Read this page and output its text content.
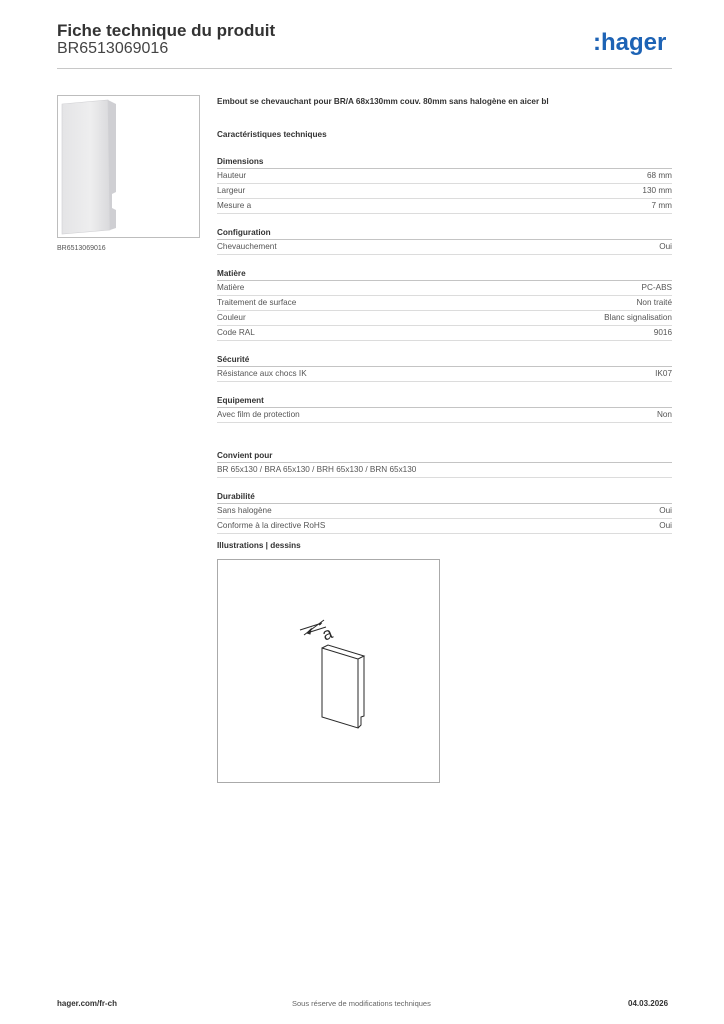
Fiche technique du produit
BR6513069016	:hager
BR6513069016
Embout se chevauchant pour BR/A 68x130mm couv. 80mm sans halogène en aicer bl
Caractéristiques techniques
Dimensions
Hauteur	68 mm
Largeur	130 mm
Mesure a	7 mm
Configuration
Chevauchement	Oui
Matière
Matière	PC-ABS
Traitement de surface	Non traité
Couleur	Blanc signalisation
Code RAL	9016
Sécurité
Résistance aux chocs IK	IK07
Equipement
Avec film de protection	Non
Convient pour
BR 65x130 / BRA 65x130 / BRH 65x130 / BRN 65x130
Durabilité
Sans halogène	Oui
Conforme à la directive RoHS	Oui
Illustrations | dessins
a
hager.com/fr-ch	Sous réserve de modifications techniques	04.03.2026
